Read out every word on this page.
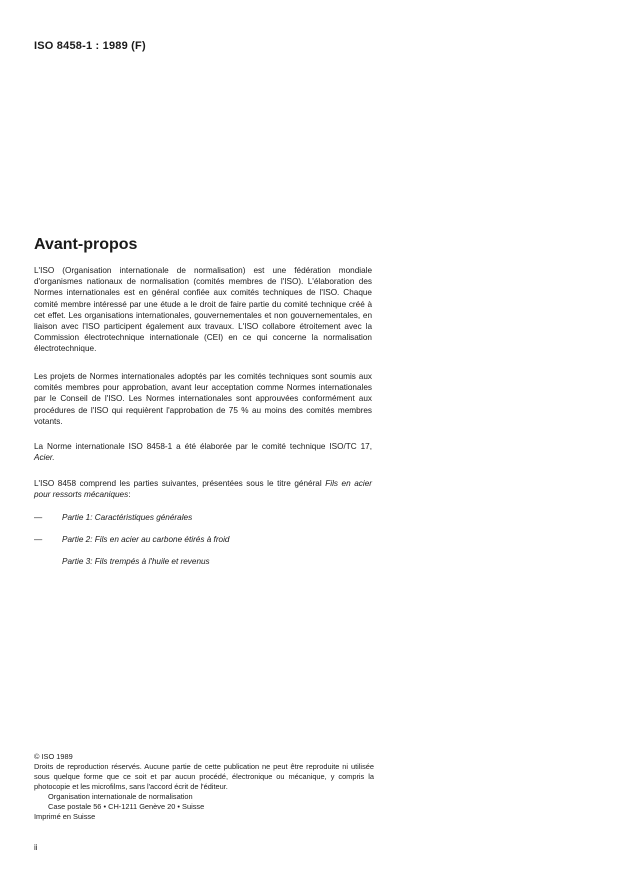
ISO 8458-1 : 1989 (F)
Avant-propos
L'ISO (Organisation internationale de normalisation) est une fédération mondiale d'organismes nationaux de normalisation (comités membres de l'ISO). L'élaboration des Normes internationales est en général confiée aux comités techniques de l'ISO. Chaque comité membre intéressé par une étude a le droit de faire partie du comité technique créé à cet effet. Les organisations internationales, gouvernementales et non gouvernementales, en liaison avec l'ISO participent également aux travaux. L'ISO collabore étroitement avec la Commission électrotechnique internationale (CEI) en ce qui concerne la normalisation électrotechnique.
Les projets de Normes internationales adoptés par les comités techniques sont soumis aux comités membres pour approbation, avant leur acceptation comme Normes internationales par le Conseil de l'ISO. Les Normes internationales sont approuvées conformément aux procédures de l'ISO qui requièrent l'approbation de 75 % au moins des comités membres votants.
La Norme internationale ISO 8458-1 a été élaborée par le comité technique ISO/TC 17, Acier.
L'ISO 8458 comprend les parties suivantes, présentées sous le titre général Fils en acier pour ressorts mécaniques:
— Partie 1: Caractéristiques générales
— Partie 2: Fils en acier au carbone étirés à froid
Partie 3: Fils trempés à l'huile et revenus
© ISO 1989
Droits de reproduction réservés. Aucune partie de cette publication ne peut être reproduite ni utilisée sous quelque forme que ce soit et par aucun procédé, électronique ou mécanique, y compris la photocopie et les microfilms, sans l'accord écrit de l'éditeur.
Organisation internationale de normalisation
Case postale 56 • CH-1211 Genève 20 • Suisse
Imprimé en Suisse
ii
